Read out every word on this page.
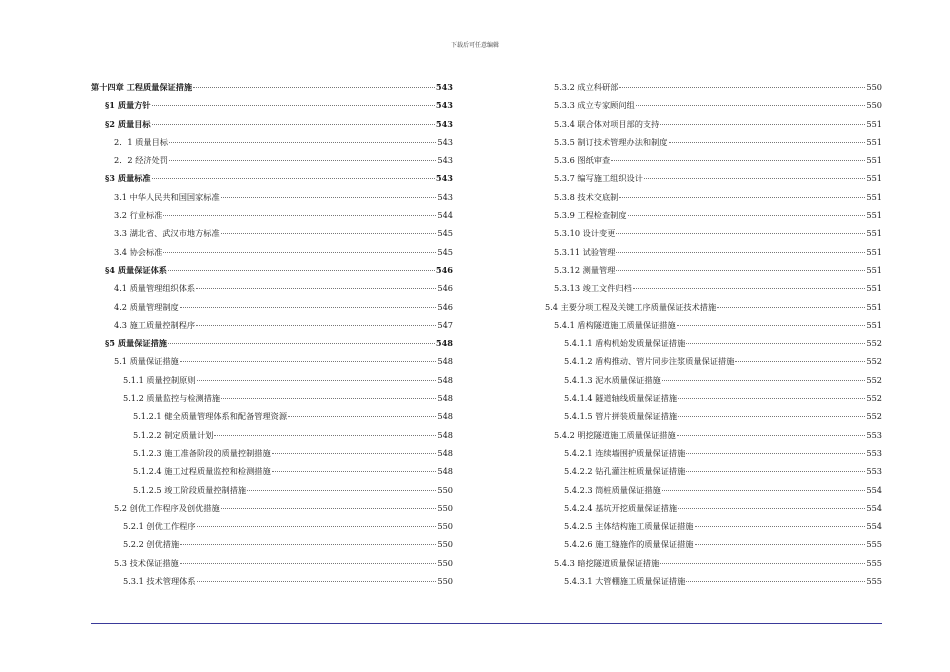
下载后可任意编辑
第十四章 工程质量保证措施	543
§1 质量方针	543
§2 质量目标	543
2．1 质量目标	543
2．2 经济处罚	543
§3 质量标准	543
3.1 中华人民共和国国家标准	543
3.2 行业标准	544
3.3 湖北省、武汉市地方标准	545
3.4 协会标准	545
§4 质量保证体系	546
4.1 质量管理组织体系	546
4.2 质量管理制度	546
4.3 施工质量控制程序	547
§5 质量保证措施	548
5.1 质量保证措施	548
5.1.1 质量控制原则	548
5.1.2 质量监控与检测措施	548
5.1.2.1 健全质量管理体系和配备管理资源	548
5.1.2.2 制定质量计划	548
5.1.2.3 施工准备阶段的质量控制措施	548
5.1.2.4 施工过程质量监控和检测措施	548
5.1.2.5 竣工阶段质量控制措施	550
5.2 创优工作程序及创优措施	550
5.2.1 创优工作程序	550
5.2.2 创优措施	550
5.3 技术保证措施	550
5.3.1 技术管理体系	550
5.3.2 成立科研部	550
5.3.3 成立专家顾问组	550
5.3.4 联合体对项目部的支持	551
5.3.5 制订技术管理办法和制度	551
5.3.6 图纸审查	551
5.3.7 编写施工组织设计	551
5.3.8 技术交底制	551
5.3.9 工程检查制度	551
5.3.10 设计变更	551
5.3.11 试验管理	551
5.3.12 测量管理	551
5.3.13 竣工文件归档	551
5.4 主要分项工程及关键工序质量保证技术措施	551
5.4.1 盾构隧道施工质量保证措施	551
5.4.1.1 盾构机始发质量保证措施	552
5.4.1.2 盾构推动、管片同步注浆质量保证措施	552
5.4.1.3 泥水质量保证措施	552
5.4.1.4 隧道轴线质量保证措施	552
5.4.1.5 管片拼装质量保证措施	552
5.4.2 明挖隧道施工质量保证措施	553
5.4.2.1 连续墙围护质量保证措施	553
5.4.2.2 钻孔灌注桩质量保证措施	553
5.4.2.3 筒桩质量保证措施	554
5.4.2.4 基坑开挖质量保证措施	554
5.4.2.5 主体结构施工质量保证措施	554
5.4.2.6 施工缝施作的质量保证措施	555
5.4.3 暗挖隧道质量保证措施	555
5.4.3.1 大管棚施工质量保证措施	555
